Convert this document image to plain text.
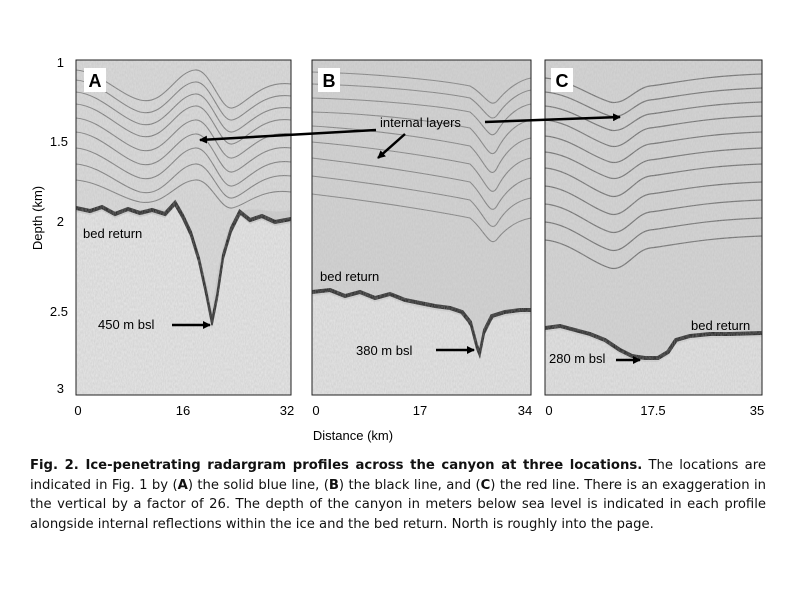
A	B	C
Depth (km)
1
1.5
2
2.5
3
0	16	32 0	17	34 0	17.5	35
Distance (km)
bed return
bed return
bed return
450 m bsl
380 m bsl
280 m bsl
internal layers
Fig. 2. Ice-penetrating radargram profiles across the canyon at three locations. The locations are indicated in Fig. 1 by (A) the solid blue line, (B) the black line, and (C) the red line. There is an exaggeration in the vertical by a factor of 26. The depth of the canyon in meters below sea level is indicated in each profile alongside internal reflections within the ice and the bed return. North is roughly into the page.
